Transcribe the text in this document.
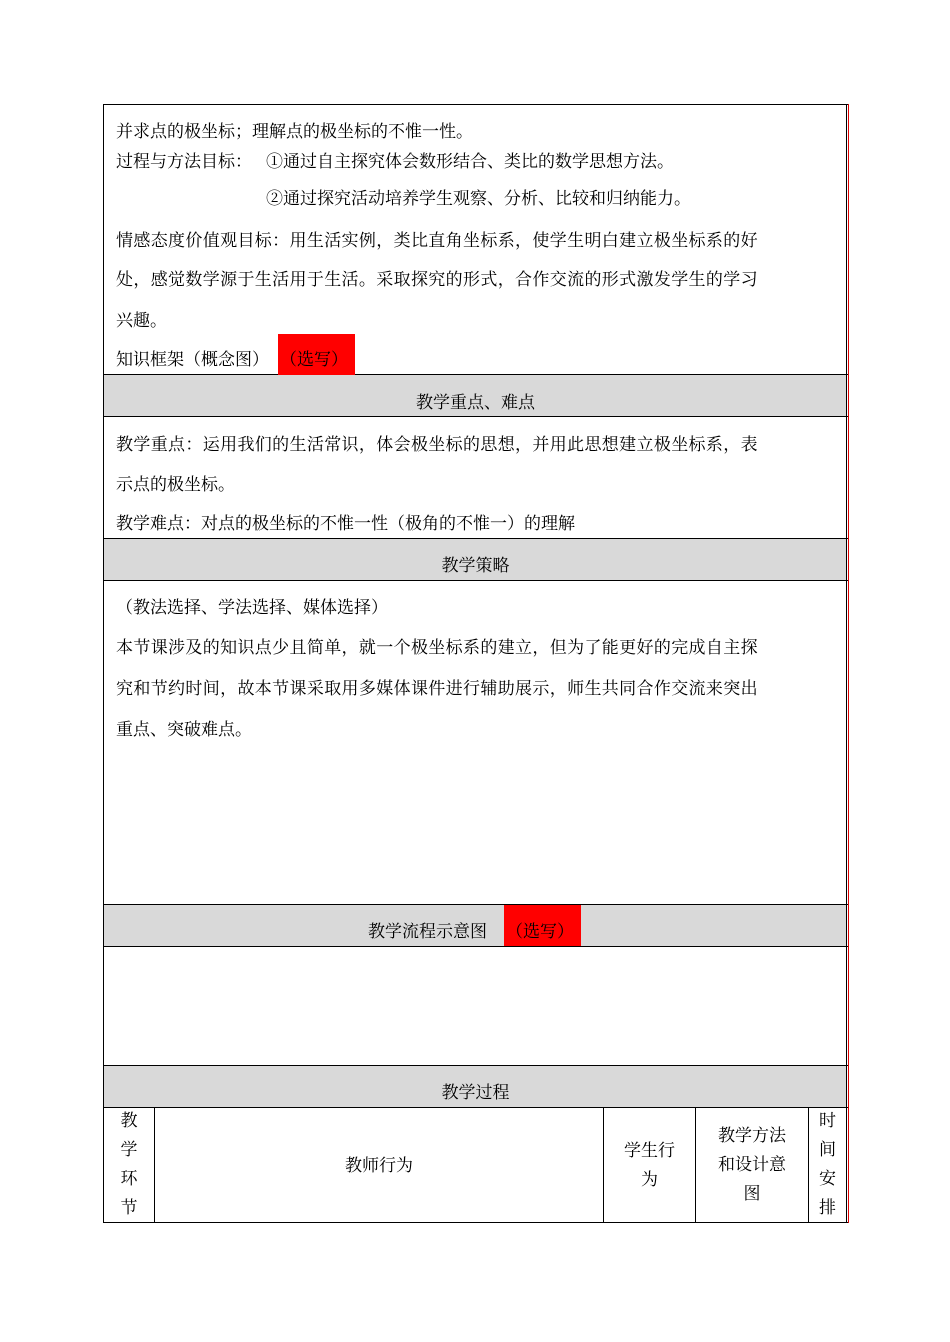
并求点的极坐标；理解点的极坐标的不惟一性。
过程与方法目标： ①通过自主探究体会数形结合、类比的数学思想方法。
②通过探究活动培养学生观察、分析、比较和归纳能力。
情感态度价值观目标：用生活实例，类比直角坐标系，使学生明白建立极坐标系的好
处，感觉数学源于生活用于生活。采取探究的形式，合作交流的形式激发学生的学习
兴趣。
知识框架（概念图） （选写）
教学重点、难点
教学重点：运用我们的生活常识，体会极坐标的思想，并用此思想建立极坐标系，表
示点的极坐标。
教学难点：对点的极坐标的不惟一性（极角的不惟一）的理解
教学策略
（教法选择、学法选择、媒体选择）
本节课涉及的知识点少且简单，就一个极坐标系的建立，但为了能更好的完成自主探
究和节约时间，故本节课采取用多媒体课件进行辅助展示，师生共同合作交流来突出
重点、突破难点。
教学流程示意图 （选写）
教学过程
教
学
环
节
教师行为
学生行
为
教学方法
和设计意
图
时
间
安
排
